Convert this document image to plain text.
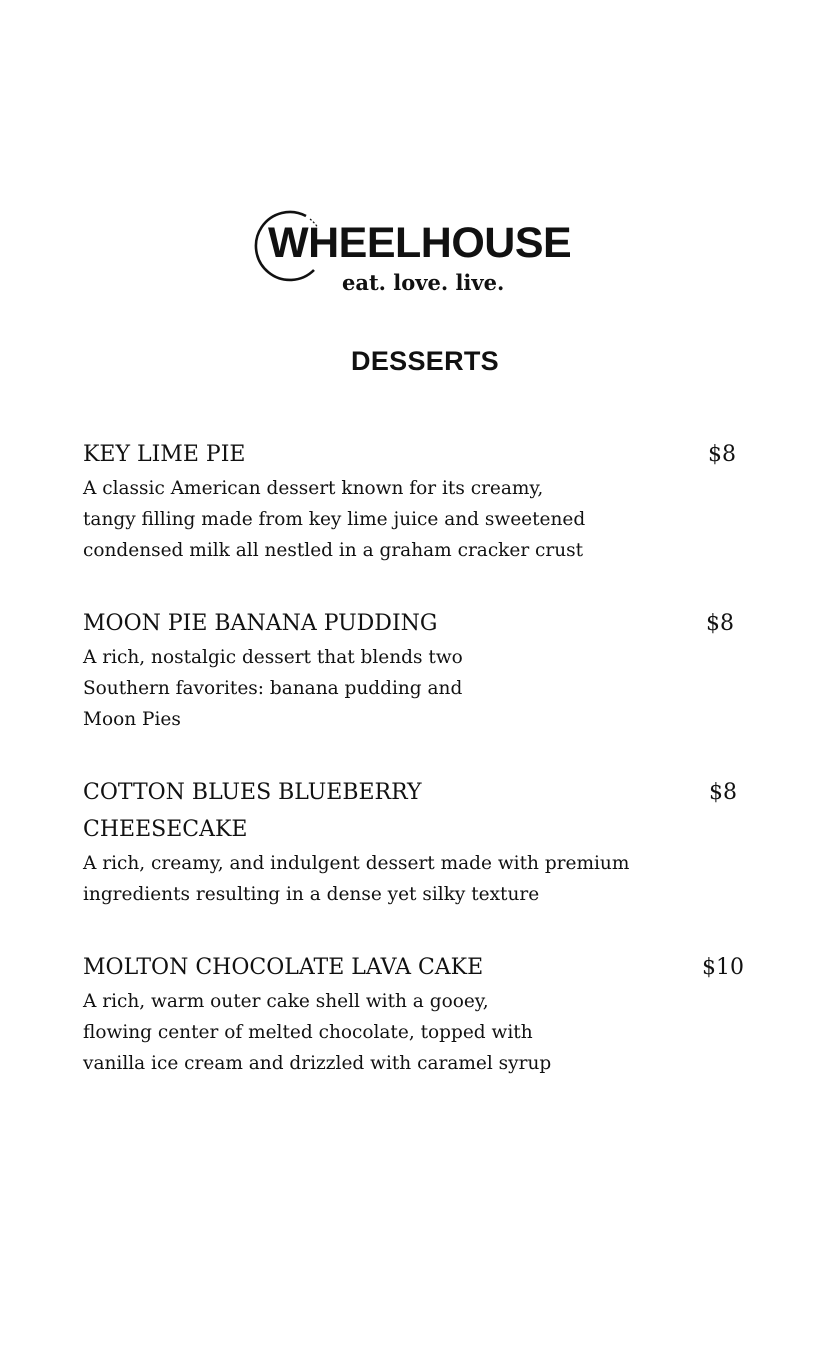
WHEELHOUSE
eat. love. live.
DESSERTS
KEY LIME PIE	$8
A classic American dessert known for its creamy,
tangy filling made from key lime juice and sweetened
condensed milk all nestled in a graham cracker crust
MOON PIE BANANA PUDDING	$8
A rich, nostalgic dessert that blends two
Southern favorites: banana pudding and
Moon Pies
COTTON BLUES BLUEBERRY CHEESECAKE
$8
A rich, creamy, and indulgent dessert made with premium
ingredients resulting in a dense yet silky texture
MOLTON CHOCOLATE LAVA CAKE	$10
A rich, warm outer cake shell with a gooey,
flowing center of melted chocolate, topped with
vanilla ice cream and drizzled with caramel syrup
